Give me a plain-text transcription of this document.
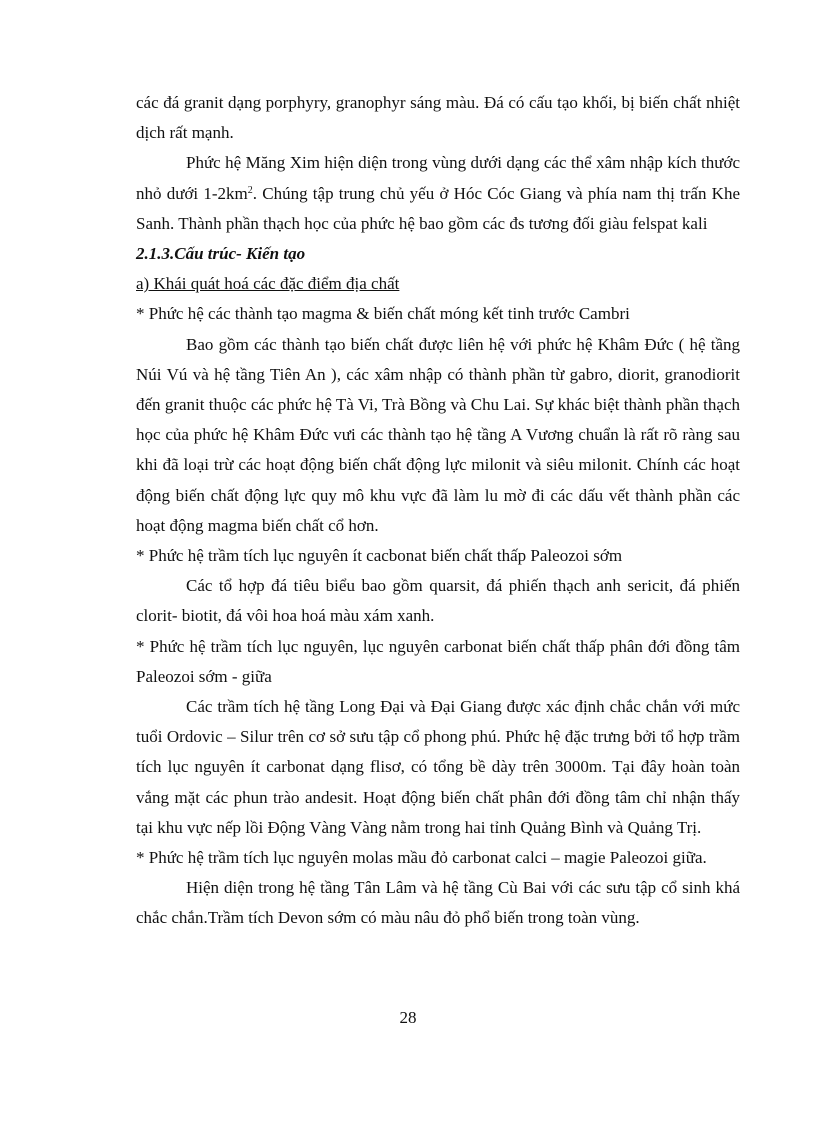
các đá granit dạng porphyry, granophyr sáng màu. Đá có cấu tạo khối, bị biến chất nhiệt dịch rất mạnh.

Phức hệ Măng Xim hiện diện trong vùng dưới dạng các thể xâm nhập kích thước nhỏ dưới $1-2km^2$. Chúng tập trung chủ yếu ở Hóc Cóc Giang và phía nam thị trấn Khe Sanh. Thành phần thạch học của phức hệ bao gồm các đs tương đối giàu felspat kali

2.1.3.Cấu trúc- Kiến tạo

a) Khái quát hoá các đặc điểm địa chất

* Phức hệ các thành tạo magma & biến chất móng kết tinh trước Cambri

Bao gồm các thành tạo biến chất được liên hệ với phức hệ Khâm Đức ( hệ tầng Núi Vú và hệ tầng Tiên An ), các xâm nhập có thành phần từ gabro, diorit, granodiorit đến granit thuộc các phức hệ Tà Vi, Trà Bồng và Chu Lai. Sự khác biệt thành phần thạch học của phức hệ Khâm Đức vưi các thành tạo hệ tầng A Vương chuẩn là rất rõ ràng sau khi đã loại trừ các hoạt động biến chất động lực milonit và siêu milonit. Chính các hoạt động biến chất động lực quy mô khu vực đã làm lu mờ đi các dấu vết thành phần các hoạt động magma biến chất cổ hơn.

* Phức hệ trầm tích lục nguyên ít cacbonat biến chất thấp Paleozoi sớm

Các tổ hợp đá tiêu biểu bao gồm quarsit, đá phiến thạch anh sericit, đá phiến clorit- biotit, đá vôi hoa hoá màu xám xanh.

* Phức hệ trầm tích lục nguyên, lục nguyên carbonat biến chất thấp phân đới đồng tâm Paleozoi sớm - giữa

Các trầm tích hệ tầng Long Đại và Đại Giang được xác định chắc chắn với mức tuổi Ordovic – Silur trên cơ sở sưu tập cổ phong phú. Phức hệ đặc trưng bởi tổ hợp trầm tích lục nguyên ít carbonat dạng flisơ, có tổng bề dày trên 3000m. Tại đây hoàn toàn vắng mặt các phun trào andesit. Hoạt động biến chất phân đới đồng tâm chỉ nhận thấy tại khu vực nếp lồi Động Vàng Vàng nằm trong hai tỉnh Quảng Bình và Quảng Trị.

* Phức hệ trầm tích lục nguyên molas mầu đỏ carbonat calci – magie Paleozoi giữa.

Hiện diện trong hệ tầng Tân Lâm và hệ tầng Cù Bai với các sưu tập cổ sinh khá chắc chắn.Trầm tích Devon sớm có màu nâu đỏ phổ biến trong toàn vùng.

28
